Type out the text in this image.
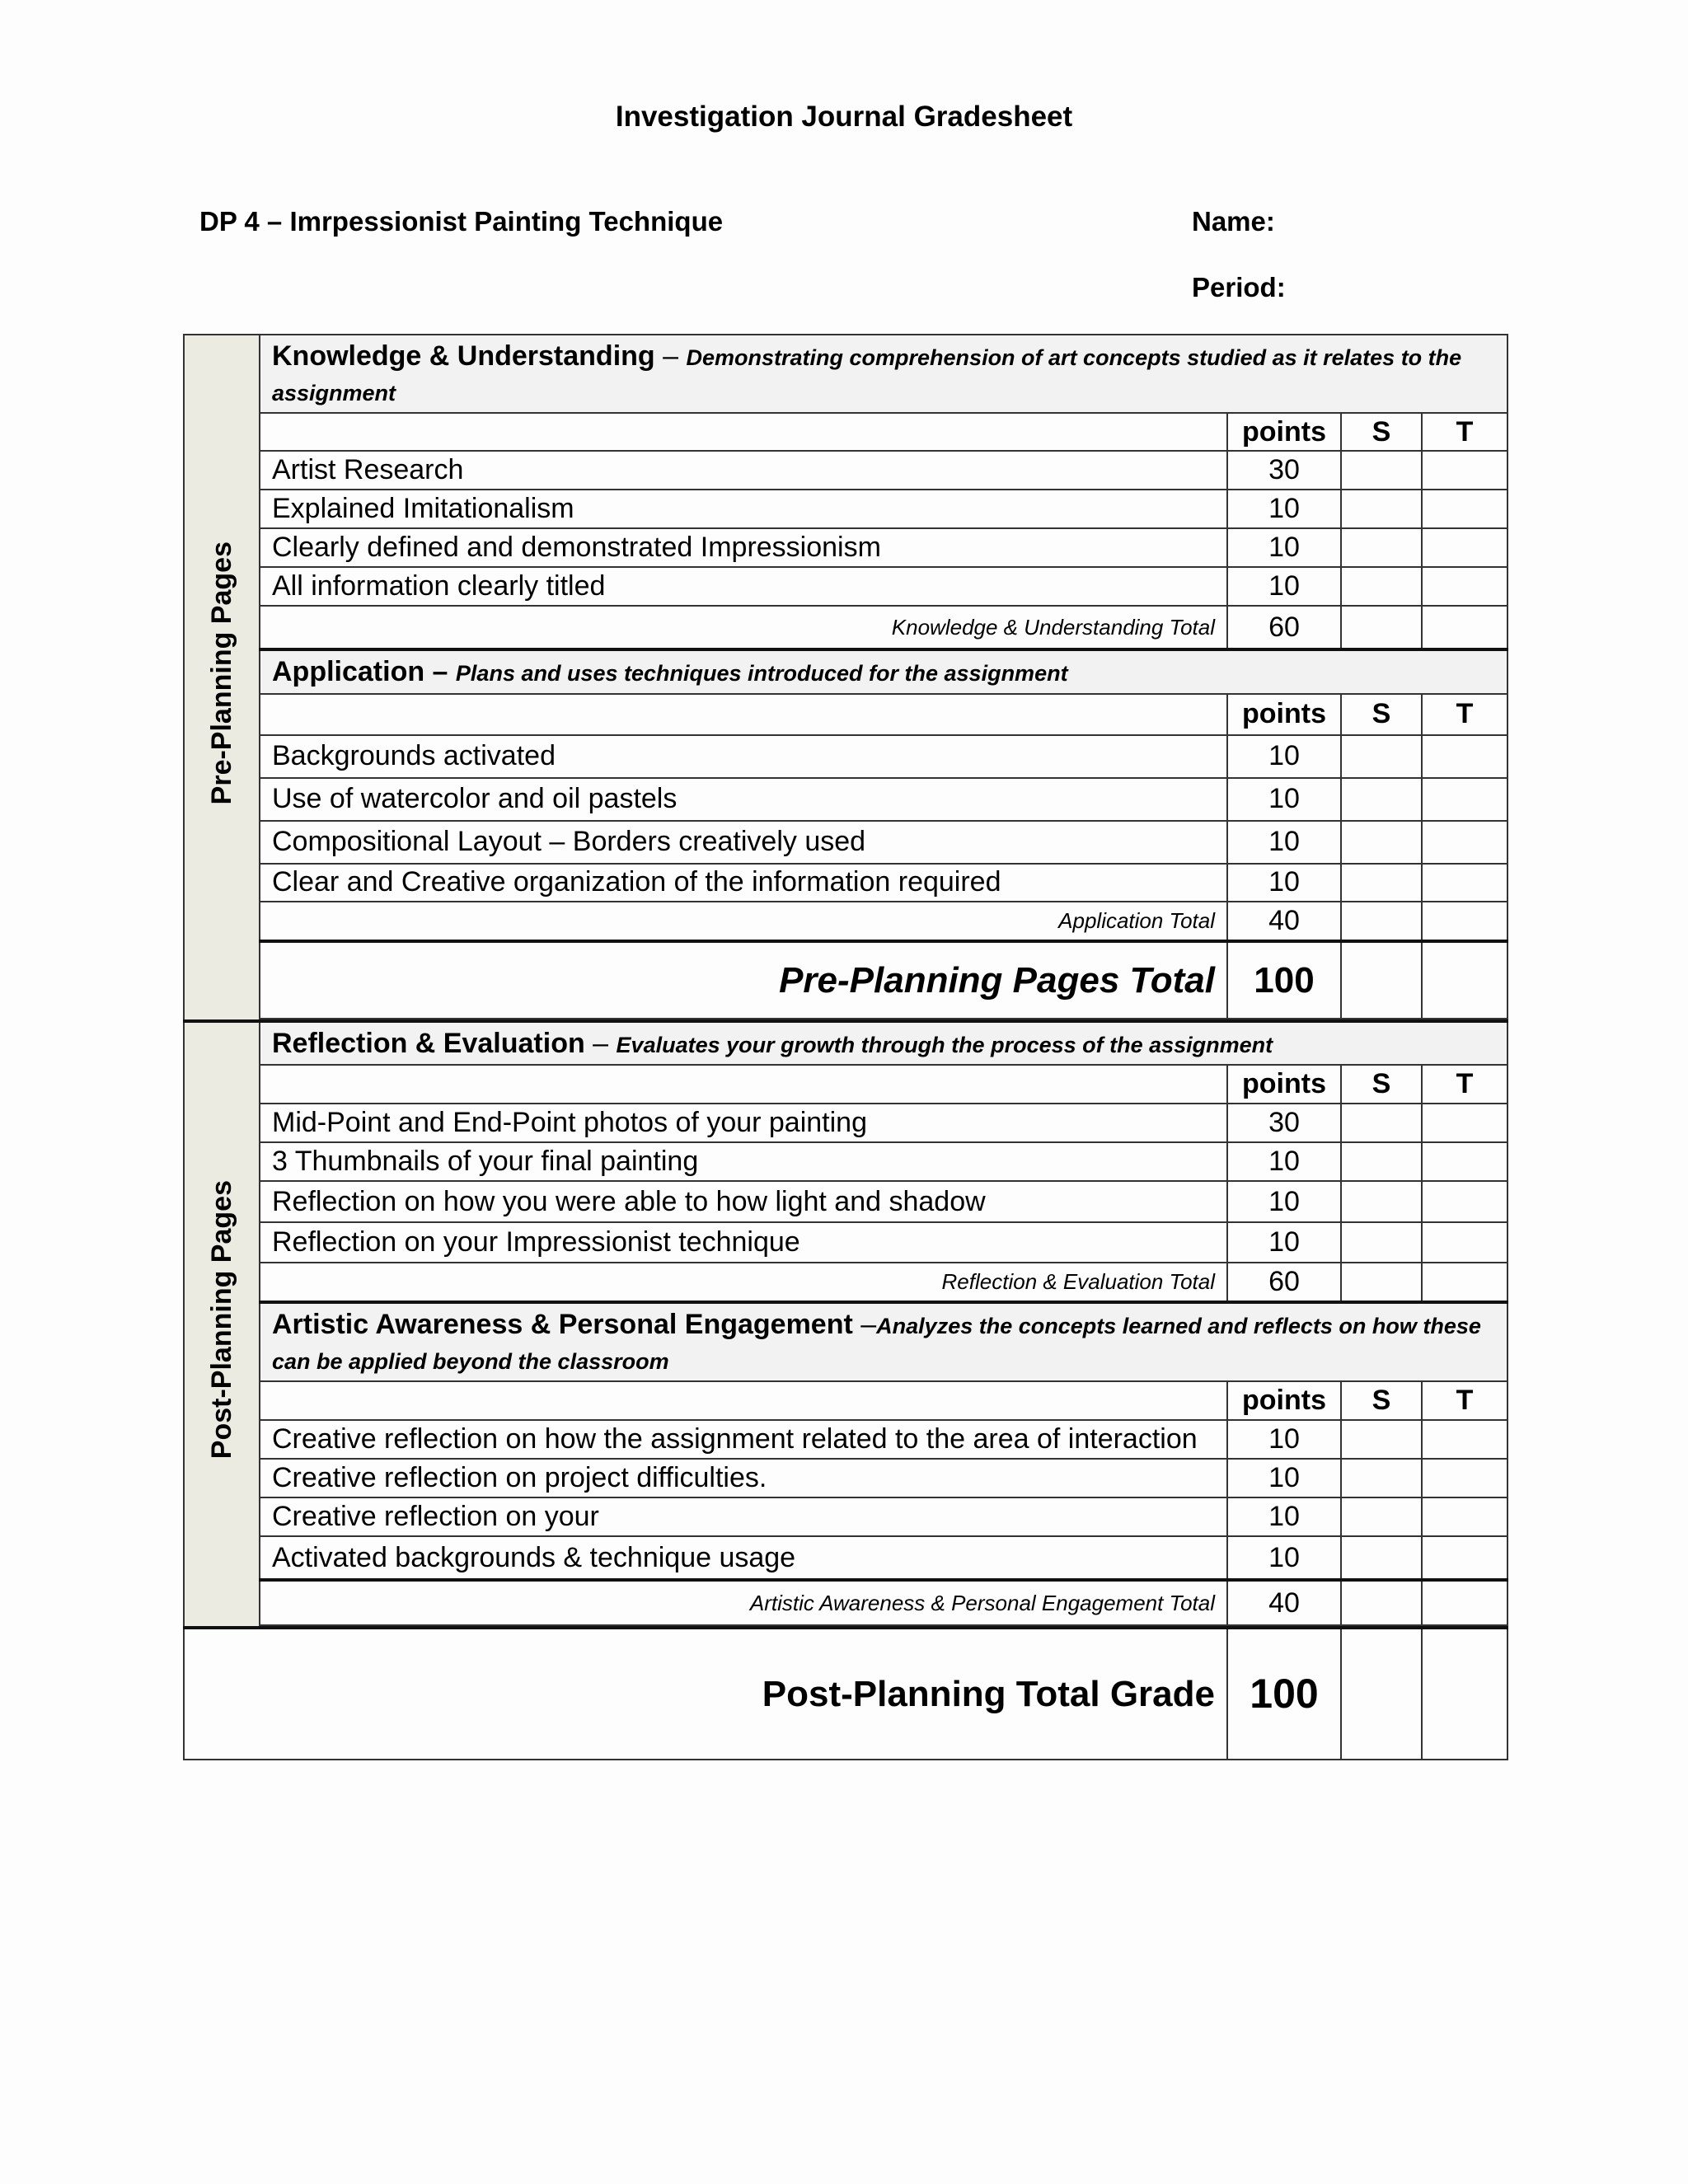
Investigation Journal Gradesheet
DP 4 – Imrpessionist Painting Technique	Name:
Period:
Pre-Planning Pages	Knowledge & Understanding – Demonstrating comprehension of art concepts studied as it relates to the assignment			
		points	S	T
	Artist Research	30		
	Explained Imitationalism	10		
	Clearly defined and demonstrated Impressionism	10		
	All information clearly titled	10		
	Knowledge & Understanding Total	60		
	Application – Plans and uses techniques introduced for the assignment			
		points	S	T
	Backgrounds activated	10		
	Use of watercolor and oil pastels	10		
	Compositional Layout – Borders creatively used	10		
	Clear and Creative organization of the information required	10		
	Application Total	40		
	Pre-Planning Pages Total	100		

Post-Planning Pages	Reflection & Evaluation – Evaluates your growth through the process of the assignment			
		points	S	T
	Mid-Point and End-Point photos of your painting	30		
	3 Thumbnails of your final painting	10		
	Reflection on how you were able to how light and shadow	10		
	Reflection on your Impressionist technique	10		
	Reflection & Evaluation Total	60		
	Artistic Awareness & Personal Engagement –Analyzes the concepts learned and reflects on how these can be applied beyond the classroom			
		points	S	T
	Creative reflection on how the assignment related to the area of interaction	10		
	Creative reflection on project difficulties.	10		
	Creative reflection on your	10		
	Activated backgrounds & technique usage	10		
	Artistic Awareness & Personal Engagement Total	40		

Post-Planning Total Grade		100		
